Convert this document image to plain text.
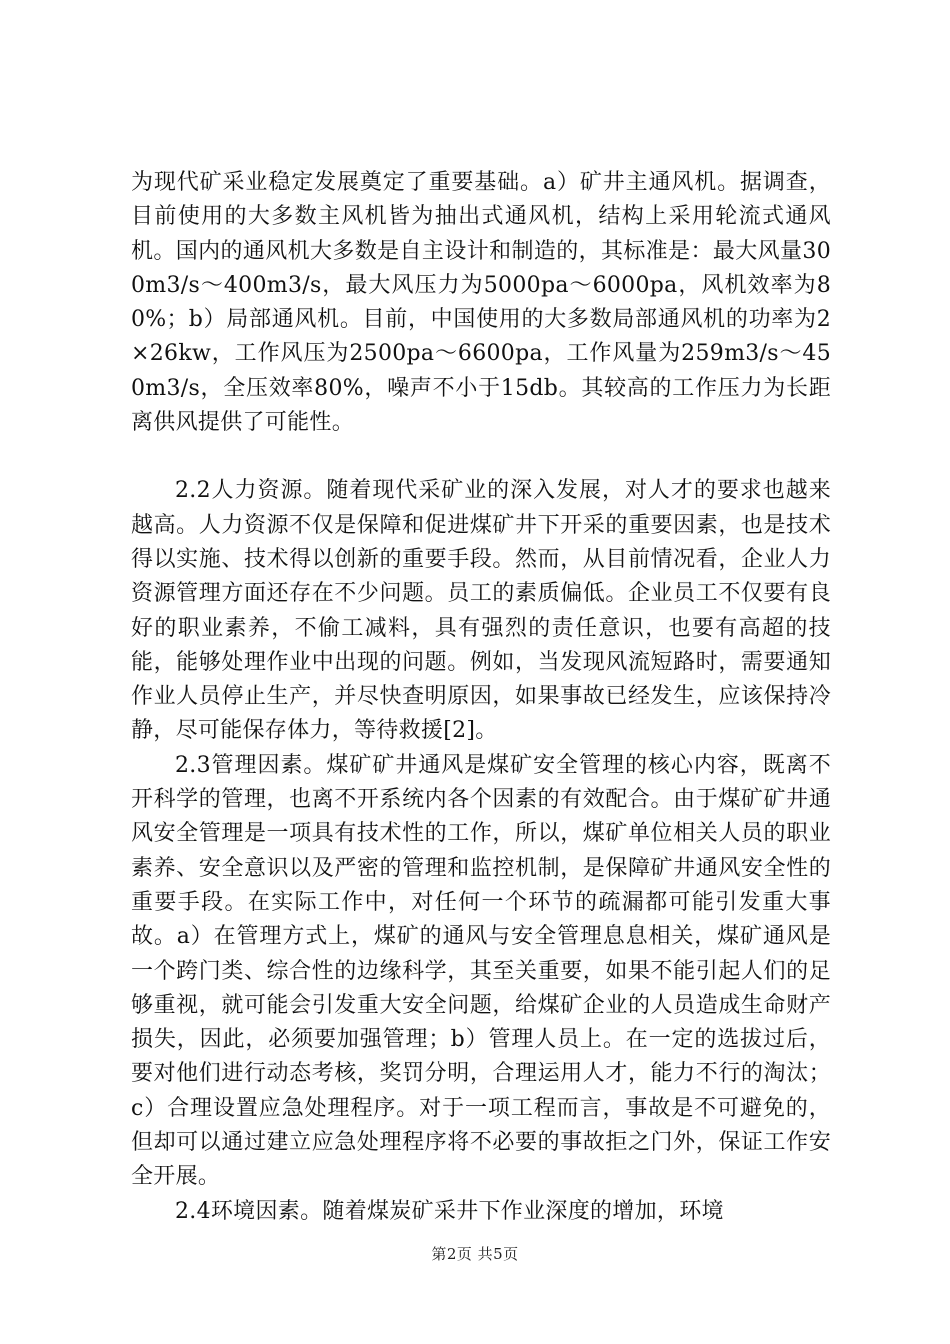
为现代矿采业稳定发展奠定了重要基础。a）矿井主通风机。据调查，目前使用的大多数主风机皆为抽出式通风机，结构上采用轮流式通风机。国内的通风机大多数是自主设计和制造的，其标准是：最大风量300m3/s～400m3/s，最大风压力为5000pa～6000pa，风机效率为80%；b）局部通风机。目前，中国使用的大多数局部通风机的功率为2×26kw，工作风压为2500pa～6600pa，工作风量为259m3/s～450m3/s，全压效率80%，噪声不小于15db。其较高的工作压力为长距离供风提供了可能性。

2.2人力资源。随着现代采矿业的深入发展，对人才的要求也越来越高。人力资源不仅是保障和促进煤矿井下开采的重要因素，也是技术得以实施、技术得以创新的重要手段。然而，从目前情况看，企业人力资源管理方面还存在不少问题。员工的素质偏低。企业员工不仅要有良好的职业素养，不偷工减料，具有强烈的责任意识，也要有高超的技能，能够处理作业中出现的问题。例如，当发现风流短路时，需要通知作业人员停止生产，并尽快查明原因，如果事故已经发生，应该保持冷静，尽可能保存体力，等待救援[2]。

2.3管理因素。煤矿矿井通风是煤矿安全管理的核心内容，既离不开科学的管理，也离不开系统内各个因素的有效配合。由于煤矿矿井通风安全管理是一项具有技术性的工作，所以，煤矿单位相关人员的职业素养、安全意识以及严密的管理和监控机制，是保障矿井通风安全性的重要手段。在实际工作中，对任何一个环节的疏漏都可能引发重大事故。a）在管理方式上，煤矿的通风与安全管理息息相关，煤矿通风是一个跨门类、综合性的边缘科学，其至关重要，如果不能引起人们的足够重视，就可能会引发重大安全问题，给煤矿企业的人员造成生命财产损失，因此，必须要加强管理；b）管理人员上。在一定的选拔过后，要对他们进行动态考核，奖罚分明，合理运用人才，能力不行的淘汰；c）合理设置应急处理程序。对于一项工程而言，事故是不可避免的，但却可以通过建立应急处理程序将不必要的事故拒之门外，保证工作安全开展。

2.4环境因素。随着煤炭矿采井下作业深度的增加，环境

第2页 共5页
